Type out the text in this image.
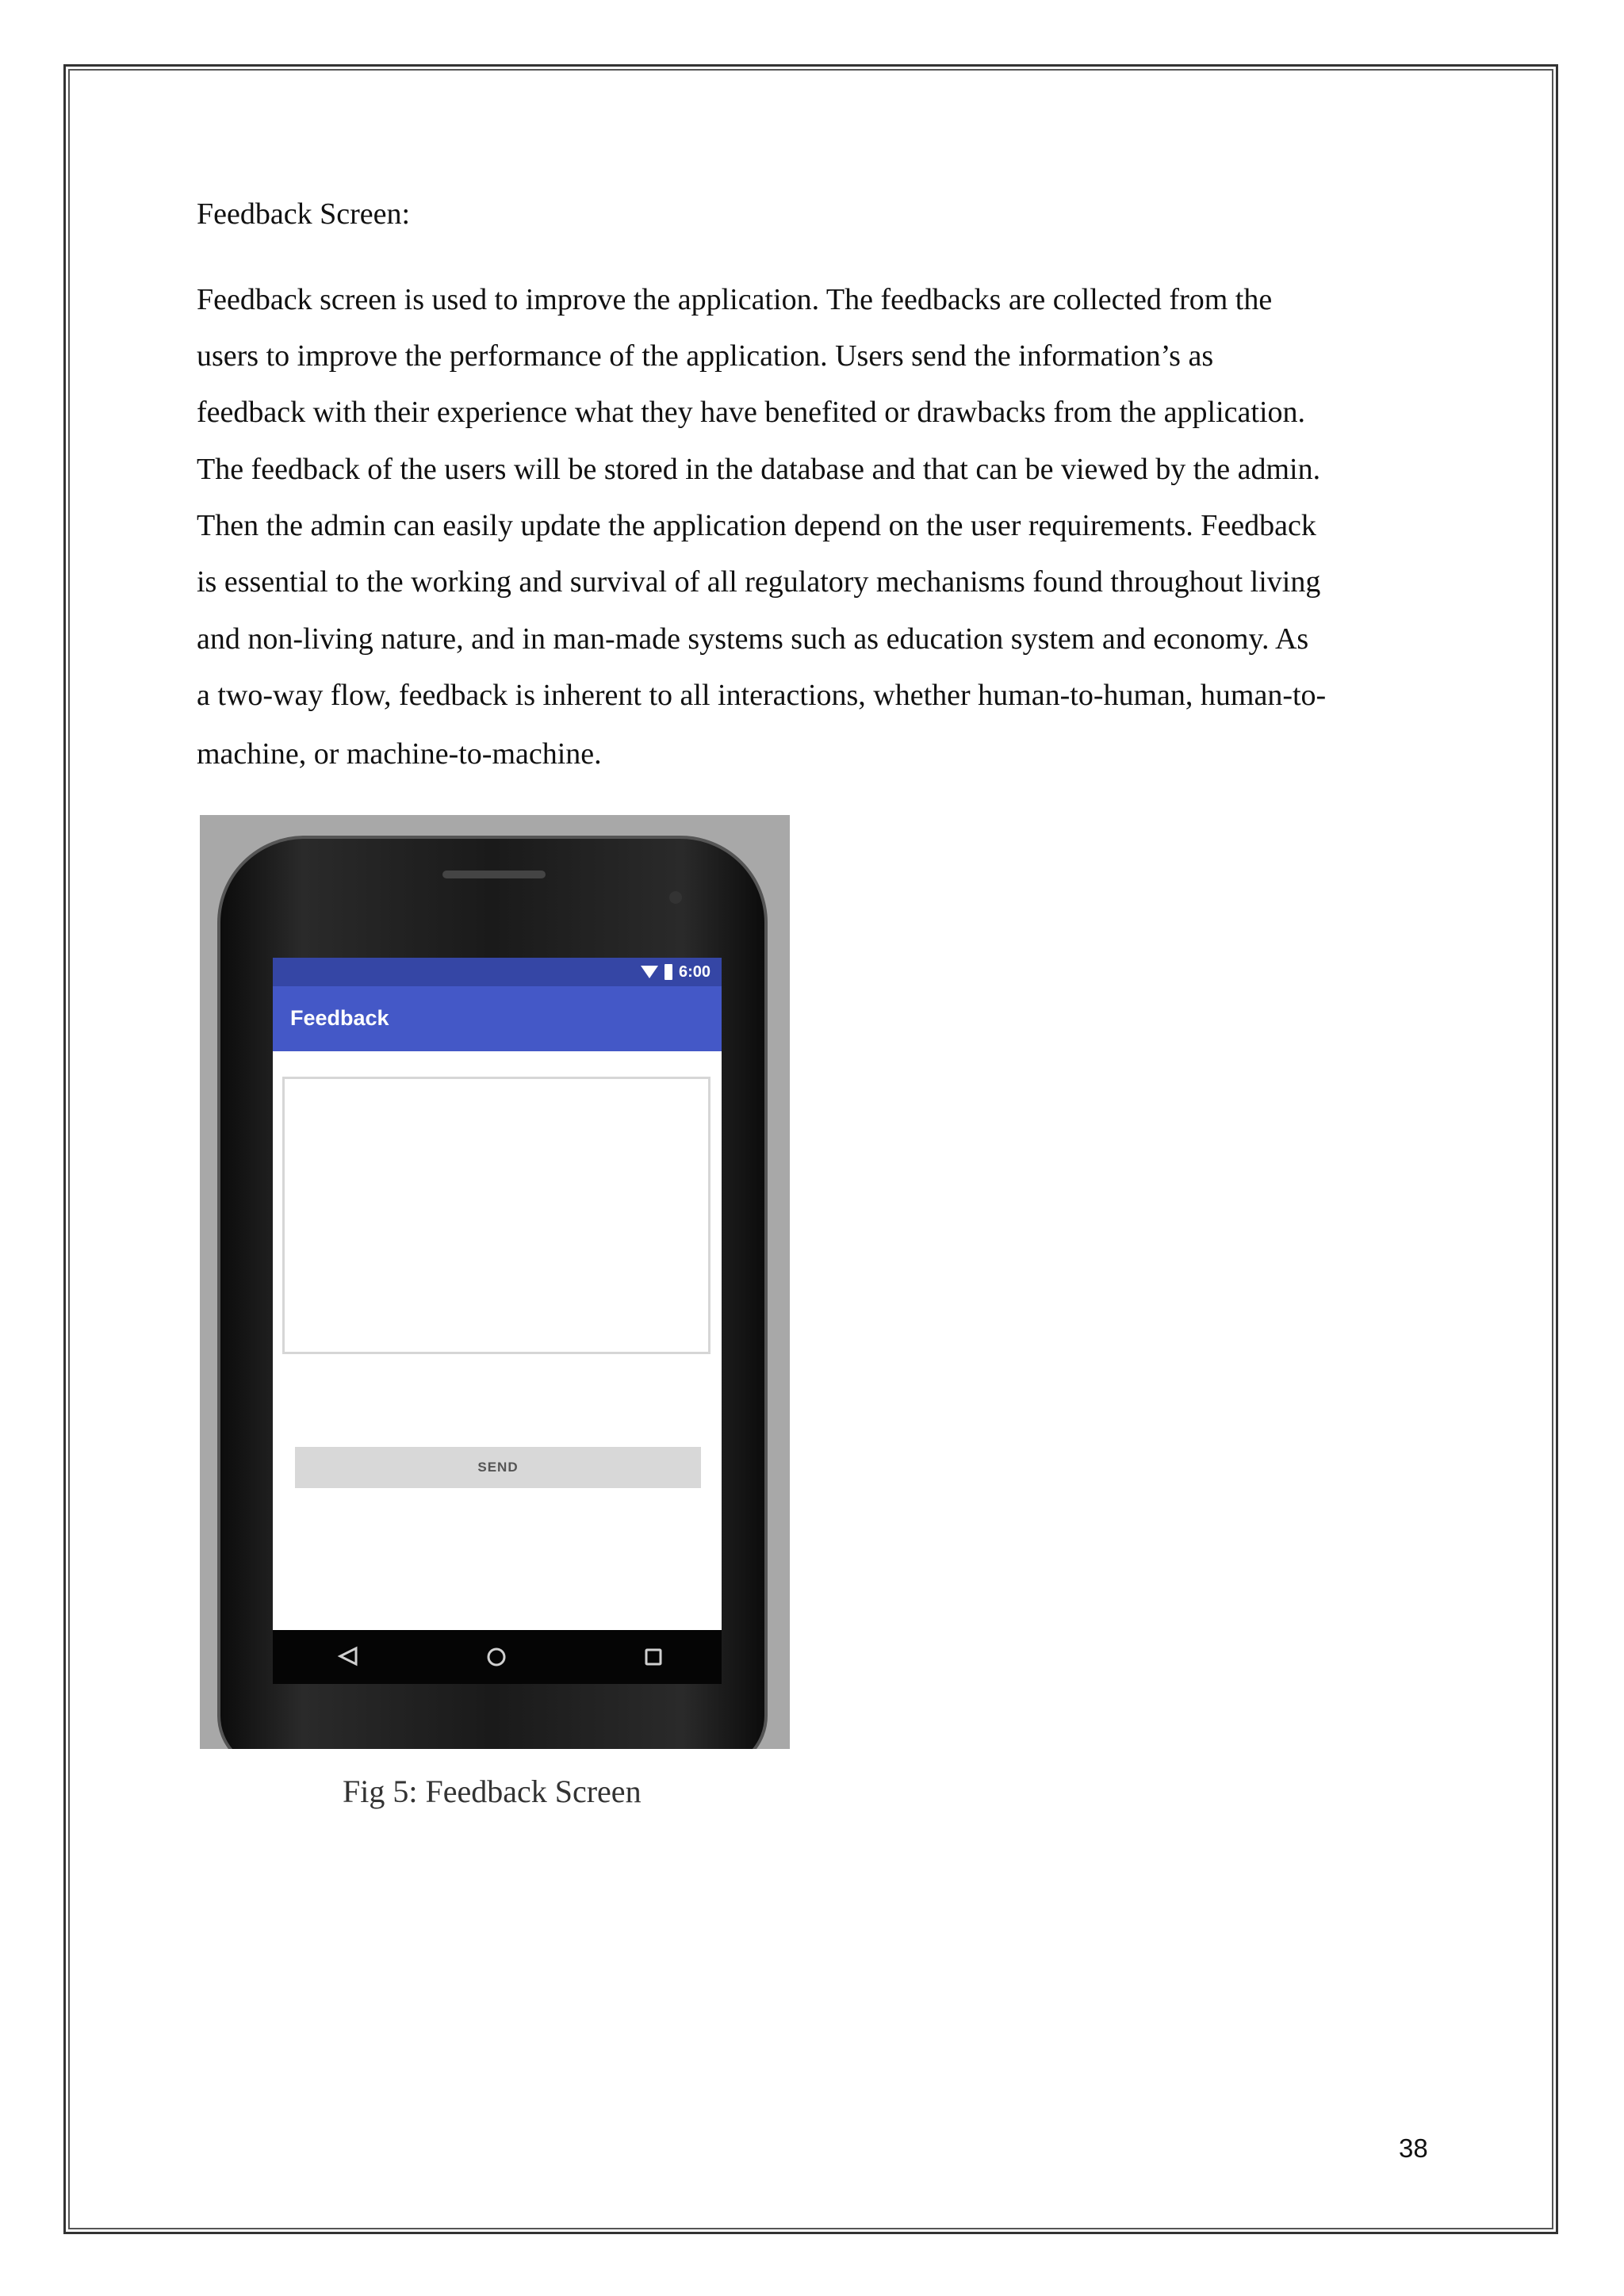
Feedback Screen:
Feedback screen is used to improve the application. The feedbacks are collected from the
users to improve the performance of the application. Users send the information’s as
feedback with their experience what they have benefited or drawbacks from the application.
The feedback of the users will be stored in the database and that can be viewed by the admin.
Then the admin can easily update the application depend on the user requirements. Feedback
is essential to the working and survival of all regulatory mechanisms found throughout living
and non-living nature, and in man-made systems such as education system and economy. As
a two-way flow, feedback is inherent to all interactions, whether human-to-human, human-to-
machine, or machine-to-machine.
6:00
Feedback
SEND
Fig 5: Feedback Screen
38
